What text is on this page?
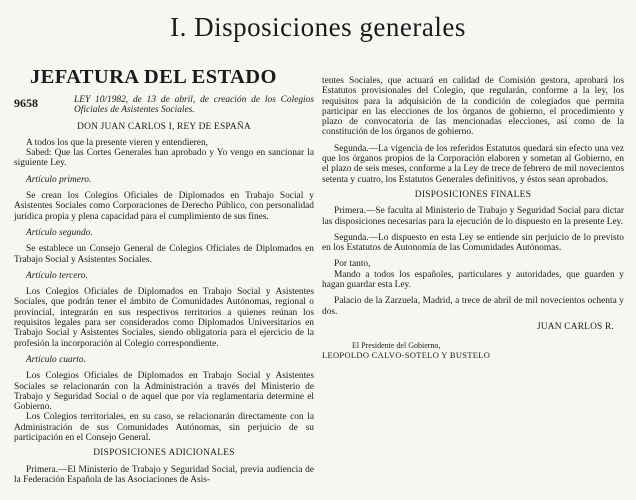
I. Disposiciones generales

JEFATURA DEL ESTADO

9658	LEY 10/1982, de 13 de abril, de creación de los Colegios Oficiales de Asistentes Sociales.

DON JUAN CARLOS I, REY DE ESPAÑA

A todos los que la presente vieren y entendieren,

Sabed: Que las Cortes Generales han aprobado y Yo vengo en sancionar la siguiente Ley.

Artículo primero.

Se crean los Colegios Oficiales de Diplomados en Trabajo Social y Asistentes Sociales como Corporaciones de Derecho Público, con personalidad jurídica propia y plena capacidad para el cumplimiento de sus fines.

Artículo segundo.

Se establece un Consejo General de Colegios Oficiales de Diplomados en Trabajo Social y Asistentes Sociales.

Artículo tercero.

Los Colegios Oficiales de Diplomados en Trabajo Social y Asistentes Sociales, que podrán tener el ámbito de Comunidades Autónomas, regional o provincial, integrarán en sus respectivos territorios a quienes reúnan los requisitos legales para ser considerados como Diplomados Universitarios en Trabajo Social y Asistentes Sociales, siendo obligatoria para el ejercicio de la profesión la incorporación al Colegio correspondiente.

Artículo cuarto.

Los Colegios Oficiales de Diplomados en Trabajo Social y Asistentes Sociales se relacionarán con la Administración a través del Ministerio de Trabajo y Seguridad Social o de aquel que por vía reglamentaria determine el Gobierno.

Los Colegios territoriales, en su caso, se relacionarán directamente con la Administración de sus Comunidades Autónomas, sin perjuicio de su participación en el Consejo General.

DISPOSICIONES ADICIONALES

Primera.—El Ministerio de Trabajo y Seguridad Social, previa audiencia de la Federación Española de las Asociaciones de Asis-

tentes Sociales, que actuará en calidad de Comisión gestora, aprobará los Estatutos provisionales del Colegio, que regularán, conforme a la ley, los requisitos para la adquisición de la condición de colegiados que permita participar en las elecciones de los órganos de gobierno, el procedimiento y plazo de convocatoria de las mencionadas elecciones, así como de la constitución de los órganos de gobierno.

Segunda.—La vigencia de los referidos Estatutos quedará sin efecto una vez que los órganos propios de la Corporación elaboren y sometan al Gobierno, en el plazo de seis meses, conforme a la Ley de trece de febrero de mil novecientos setenta y cuatro, los Estatutos Generales definitivos, y éstos sean aprobados.

DISPOSICIONES FINALES

Primera.—Se faculta al Ministerio de Trabajo y Seguridad Social para dictar las disposiciones necesarias para la ejecución de lo dispuesto en la presente Ley.

Segunda.—Lo dispuesto en esta Ley se entiende sin perjuicio de lo previsto en los Estatutos de Autonomía de las Comunidades Autónomas.

Por tanto,

Mando a todos los españoles, particulares y autoridades, que guarden y hagan guardar esta Ley.

Palacio de la Zarzuela, Madrid, a trece de abril de mil novecientos ochenta y dos.

JUAN CARLOS R.

El Presidente del Gobierno,

LEOPOLDO CALVO-SOTELO Y BUSTELO
